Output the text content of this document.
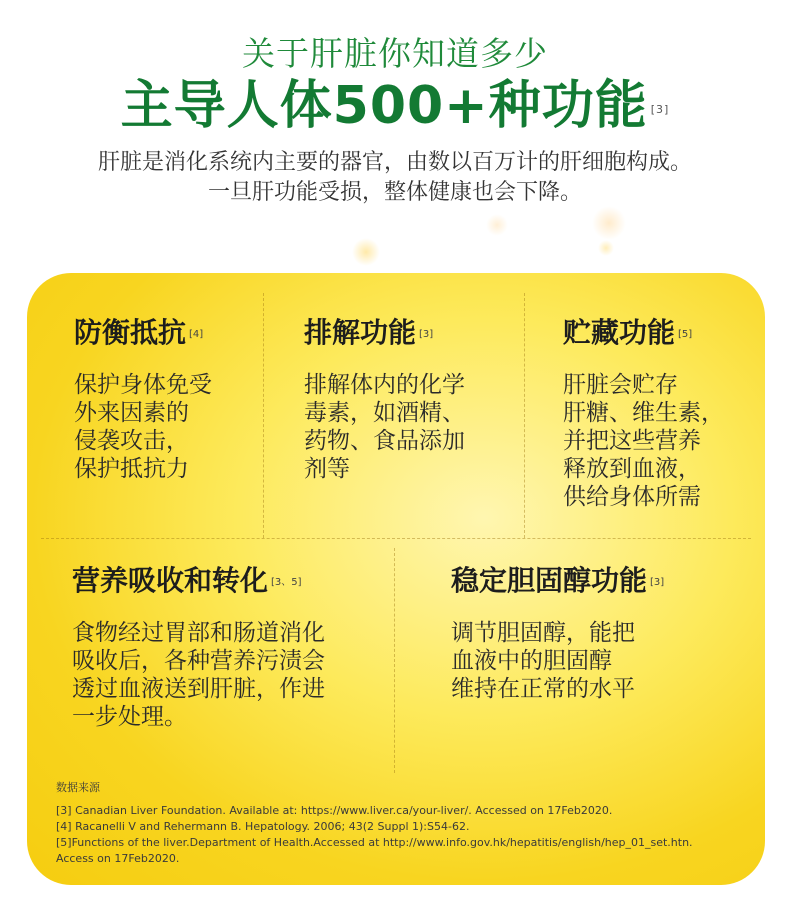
关于肝脏你知道多少
主导人体500+种功能 [3]
肝脏是消化系统内主要的器官，由数以百万计的肝细胞构成。
一旦肝功能受损，整体健康也会下降。
防衡抵抗 [4]
保护身体免受
外来因素的
侵袭攻击，
保护抵抗力
排解功能 [3]
排解体内的化学
毒素，如酒精、
药物、食品添加
剂等
贮藏功能 [5]
肝脏会贮存
肝糖、维生素，
并把这些营养
释放到血液，
供给身体所需
营养吸收和转化 [3、5]
食物经过胃部和肠道消化
吸收后，各种营养污渍会
透过血液送到肝脏，作进
一步处理。
稳定胆固醇功能 [3]
调节胆固醇，能把
血液中的胆固醇
维持在正常的水平
数据来源
[3] Canadian Liver Foundation. Available at: https://www.liver.ca/your-liver/. Accessed on 17Feb2020.
[4] Racanelli V and Rehermann B. Hepatology. 2006; 43(2 Suppl 1):S54-62.
[5]Functions of the liver.Department of Health.Accessed at http://www.info.gov.hk/hepatitis/english/hep_01_set.htn.
Access on 17Feb2020.
